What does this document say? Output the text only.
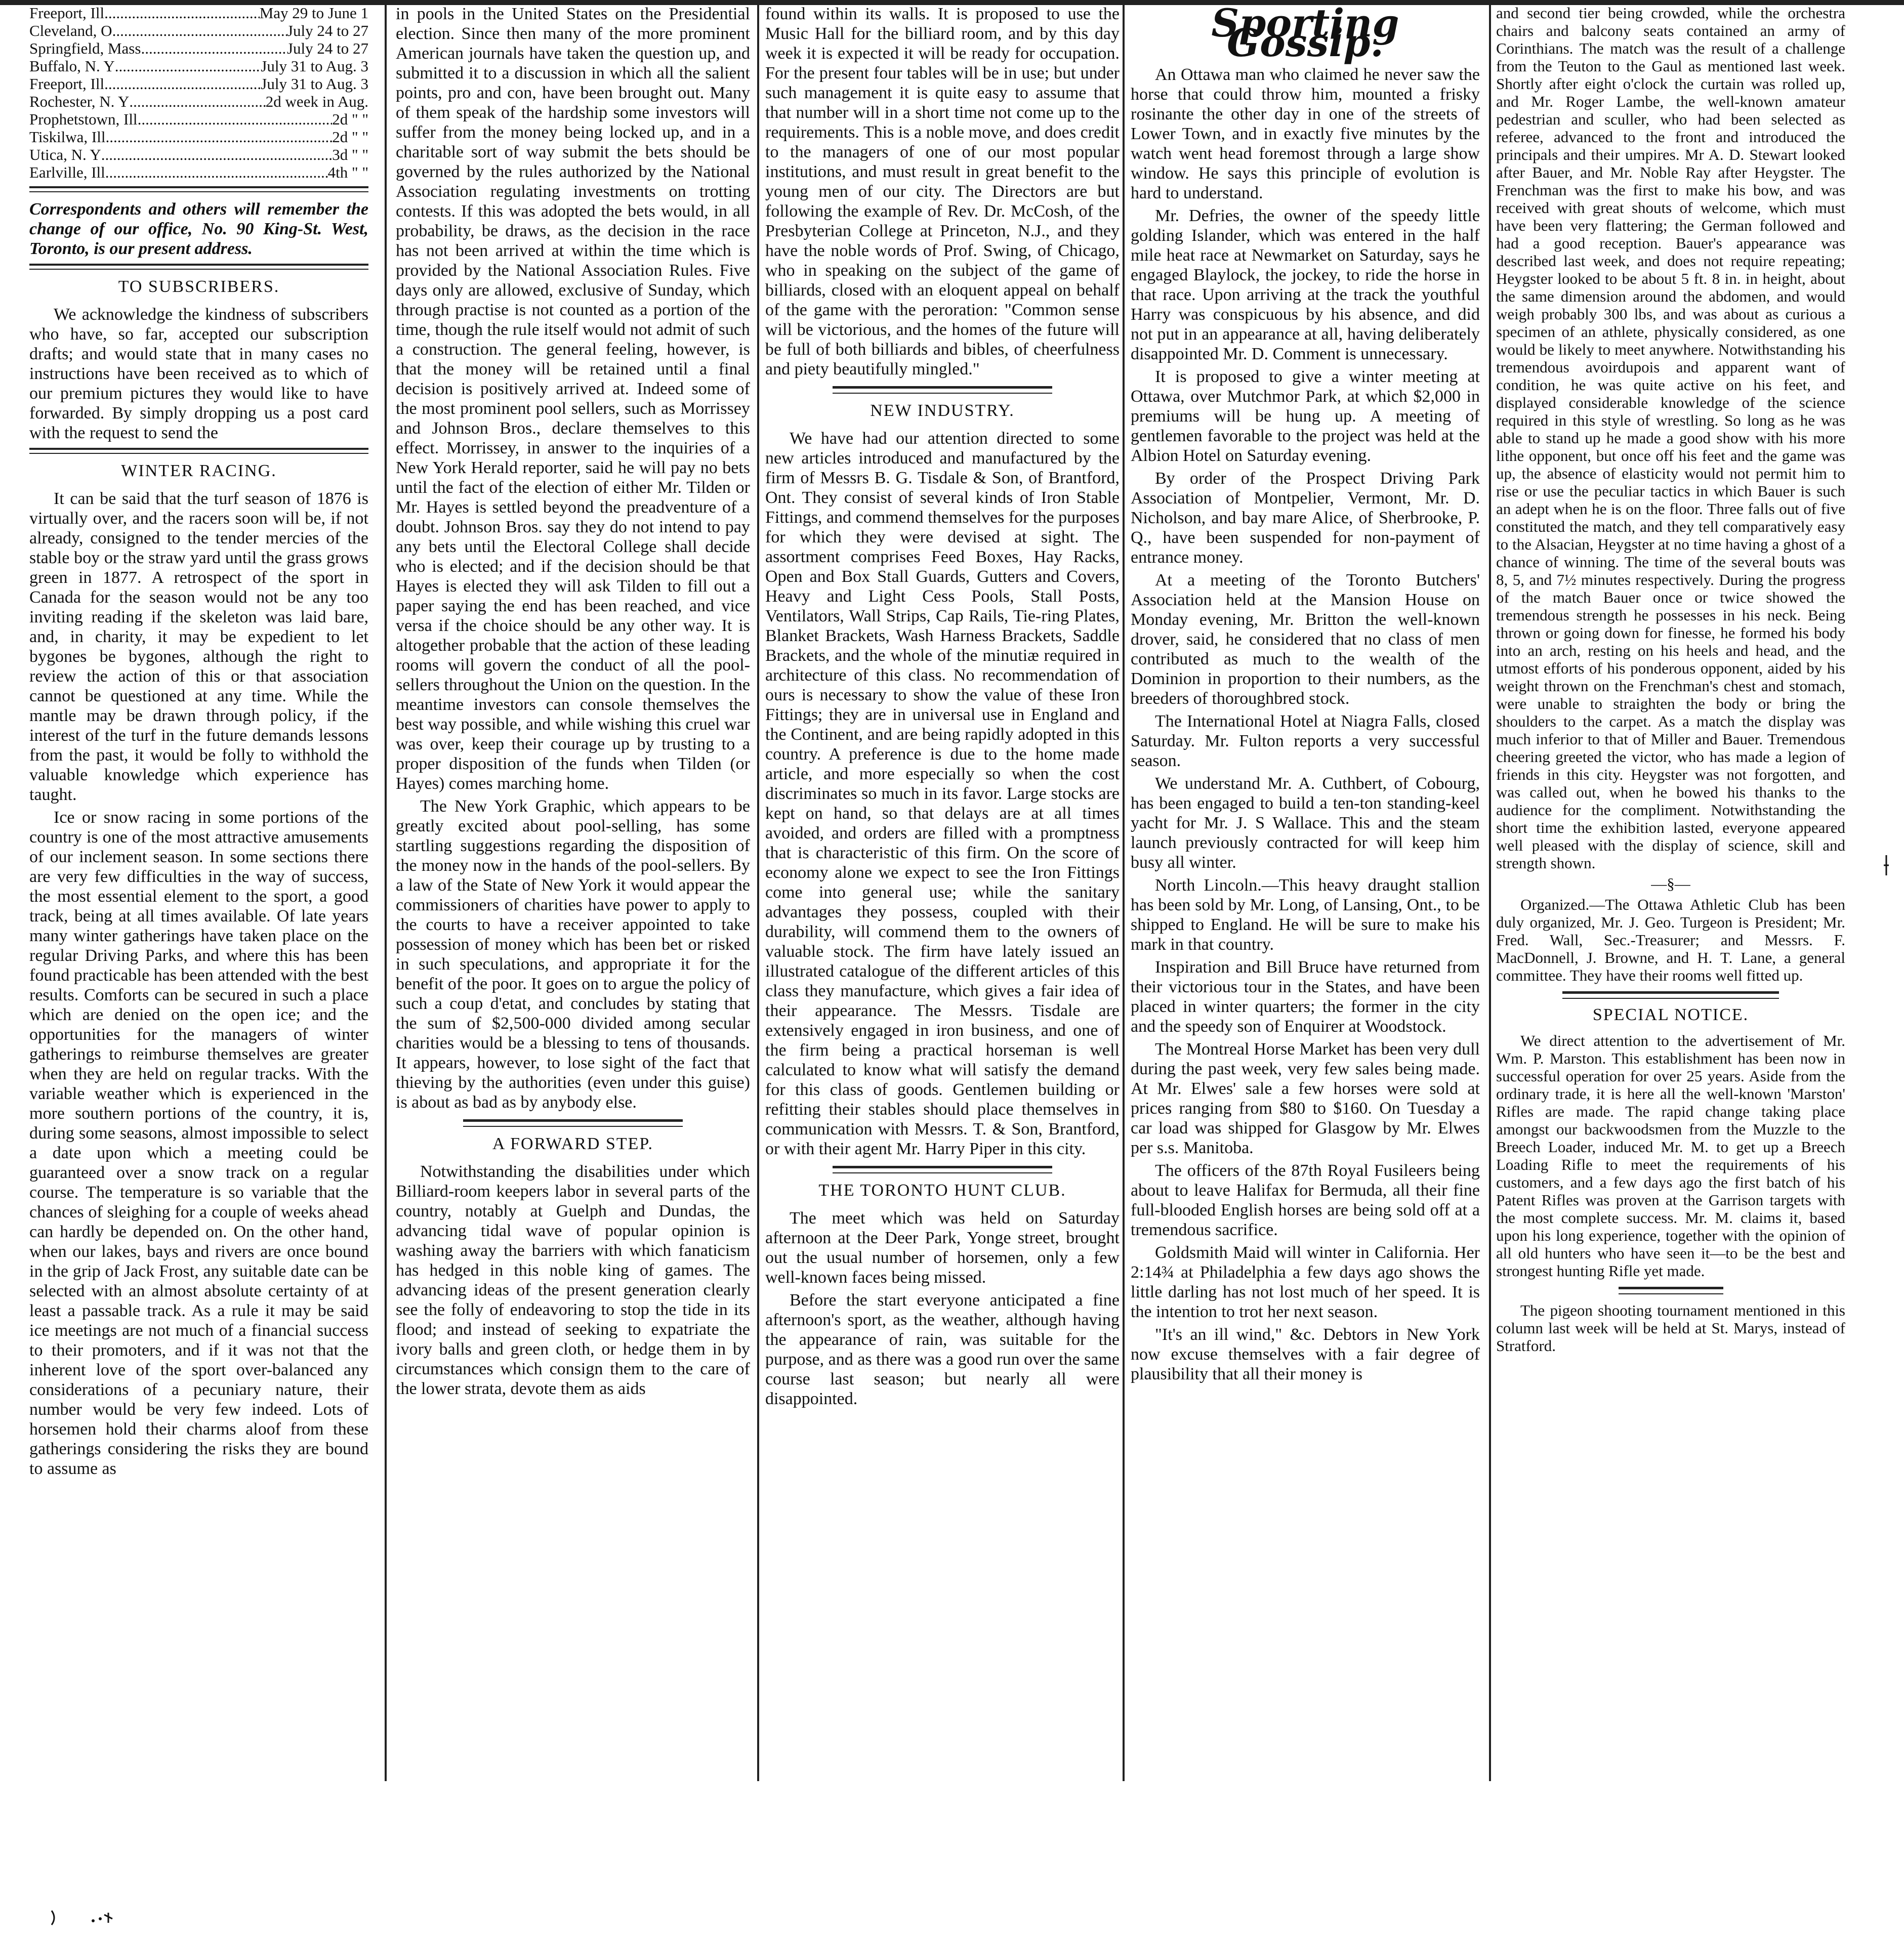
Freeport, Ill .....	May 29 to June 1
Cleveland, O .....	July 24 to 27
Springfield, Mass .....	July 24 to 27
Buffalo, N. Y .....	July 31 to Aug. 3
Freeport, Ill .....	July 31 to Aug. 3
Rochester, N. Y .....	2d week in Aug.
Prophetstown, Ill .....	2d " "
Tiskilwa, Ill .....	2d " "
Utica, N. Y .....	3d " "
Earlville, Ill .....	4th " "

Correspondents and others will remember the change of our office, No. 90 King-St. West, Toronto, is our present address.

TO SUBSCRIBERS.

We acknowledge the kindness of subscribers who have, so far, accepted our subscription drafts; and would state that in many cases no instructions have been received as to which of our premium pictures they would like to have forwarded. By simply dropping us a post card with the request to send the

WINTER RACING.

It can be said that the turf season of 1876 is virtually over, and the racers soon will be, if not already, consigned to the tender mercies of the stable boy or the straw yard until the grass grows green in 1877. A retrospect of the sport in Canada for the season would not be any too inviting reading if the skeleton was laid bare, and, in charity, it may be expedient to let bygones be bygones, although the right to review the action of this or that association cannot be questioned at any time. While the mantle may be drawn through policy, if the interest of the turf in the future demands lessons from the past, it would be folly to withhold the valuable knowledge which experience has taught.

Ice or snow racing in some portions of the country is one of the most attractive amusements of our inclement season. In some sections there are very few difficulties in the way of success, the most essential element to the sport, a good track, being at all times available. Of late years many winter gatherings have taken place on the regular Driving Parks, and where this has been found practicable has been attended with the best results. Comforts can be secured in such a place which are denied on the open ice; and the opportunities for the managers of winter gatherings to reimburse themselves are greater when they are held on regular tracks. With the variable weather which is experienced in the more southern portions of the country, it is, during some seasons, almost impossible to select a date upon which a meeting could be guaranteed over a snow track on a regular course. The temperature is so variable that the chances of sleighing for a couple of weeks ahead can hardly be depended on. On the other hand, when our lakes, bays and rivers are once bound in the grip of Jack Frost, any suitable date can be selected with an almost absolute certainty of at least a passable track. As a rule it may be said ice meetings are not much of a financial success to their promoters, and if it was not that the inherent love of the sport over-balanced any considerations of a pecuniary nature, their number would be very few indeed. Lots of horsemen hold their charms aloof from these gatherings considering the risks they are bound to assume as

in pools in the United States on the Presidential election. Since then many of the more prominent American journals have taken the question up, and submitted it to a discussion in which all the salient points, pro and con, have been brought out. Many of them speak of the hardship some investors will suffer from the money being locked up, and in a charitable sort of way submit the bets should be governed by the rules authorized by the National Association regulating investments on trotting contests. If this was adopted the bets would, in all probability, be draws, as the decision in the race has not been arrived at within the time which is provided by the National Association Rules. Five days only are allowed, exclusive of Sunday, which through practise is not counted as a portion of the time, though the rule itself would not admit of such a construction. The general feeling, however, is that the money will be retained until a final decision is positively arrived at. Indeed some of the most prominent pool sellers, such as Morrissey and Johnson Bros., declare themselves to this effect. Morrissey, in answer to the inquiries of a New York Herald reporter, said he will pay no bets until the fact of the election of either Mr. Tilden or Mr. Hayes is settled beyond the preadventure of a doubt. Johnson Bros. say they do not intend to pay any bets until the Electoral College shall decide who is elected; and if the decision should be that Hayes is elected they will ask Tilden to fill out a paper saying the end has been reached, and vice versa if the choice should be any other way. It is altogether probable that the action of these leading rooms will govern the conduct of all the pool-sellers throughout the Union on the question. In the meantime investors can console themselves the best way possible, and while wishing this cruel war was over, keep their courage up by trusting to a proper disposition of the funds when Tilden (or Hayes) comes marching home.

The New York Graphic, which appears to be greatly excited about pool-selling, has some startling suggestions regarding the disposition of the money now in the hands of the pool-sellers. By a law of the State of New York it would appear the commissioners of charities have power to apply to the courts to have a receiver appointed to take possession of money which has been bet or risked in such speculations, and appropriate it for the benefit of the poor. It goes on to argue the policy of such a coup d'etat, and concludes by stating that the sum of $2,500-000 divided among secular charities would be a blessing to tens of thousands. It appears, however, to lose sight of the fact that thieving by the authorities (even under this guise) is about as bad as by anybody else.

A FORWARD STEP.

Notwithstanding the disabilities under which Billiard-room keepers labor in several parts of the country, notably at Guelph and Dundas, the advancing tidal wave of popular opinion is washing away the barriers with which fanaticism has hedged in this noble king of games. The advancing ideas of the present generation clearly see the folly of endeavoring to stop the tide in its flood; and instead of seeking to expatriate the ivory balls and green cloth, or hedge them in by circumstances which consign them to the care of the lower strata, devote them as aids

found within its walls. It is proposed to use the Music Hall for the billiard room, and by this day week it is expected it will be ready for occupation. For the present four tables will be in use; but under such management it is quite easy to assume that that number will in a short time not come up to the requirements. This is a noble move, and does credit to the managers of one of our most popular institutions, and must result in great benefit to the young men of our city. The Directors are but following the example of Rev. Dr. McCosh, of the Presbyterian College at Princeton, N.J., and they have the noble words of Prof. Swing, of Chicago, who in speaking on the subject of the game of billiards, closed with an eloquent appeal on behalf of the game with the peroration: "Common sense will be victorious, and the homes of the future will be full of both billiards and bibles, of cheerfulness and piety beautifully mingled."

NEW INDUSTRY.

We have had our attention directed to some new articles introduced and manufactured by the firm of Messrs B. G. Tisdale & Son, of Brantford, Ont. They consist of several kinds of Iron Stable Fittings, and commend themselves for the purposes for which they were devised at sight. The assortment comprises Feed Boxes, Hay Racks, Open and Box Stall Guards, Gutters and Covers, Heavy and Light Cess Pools, Stall Posts, Ventilators, Wall Strips, Cap Rails, Tie-ring Plates, Blanket Brackets, Wash Harness Brackets, Saddle Brackets, and the whole of the minutiæ required in architecture of this class. No recommendation of ours is necessary to show the value of these Iron Fittings; they are in universal use in England and the Continent, and are being rapidly adopted in this country. A preference is due to the home made article, and more especially so when the cost discriminates so much in its favor. Large stocks are kept on hand, so that delays are at all times avoided, and orders are filled with a promptness that is characteristic of this firm. On the score of economy alone we expect to see the Iron Fittings come into general use; while the sanitary advantages they possess, coupled with their durability, will commend them to the owners of valuable stock. The firm have lately issued an illustrated catalogue of the different articles of this class they manufacture, which gives a fair idea of their appearance. The Messrs. Tisdale are extensively engaged in iron business, and one of the firm being a practical horseman is well calculated to know what will satisfy the demand for this class of goods. Gentlemen building or refitting their stables should place themselves in communication with Messrs. T. & Son, Brantford, or with their agent Mr. Harry Piper in this city.

THE TORONTO HUNT CLUB.

The meet which was held on Saturday afternoon at the Deer Park, Yonge street, brought out the usual number of horsemen, only a few well-known faces being missed.

Before the start everyone anticipated a fine afternoon's sport, as the weather, although having the appearance of rain, was suitable for the purpose, and as there was a good run over the same course last season; but nearly all were disappointed.

Sporting Gossip.

An Ottawa man who claimed he never saw the horse that could throw him, mounted a frisky rosinante the other day in one of the streets of Lower Town, and in exactly five minutes by the watch went head foremost through a large show window. He says this principle of evolution is hard to understand.

Mr. Defries, the owner of the speedy little golding Islander, which was entered in the half mile heat race at Newmarket on Saturday, says he engaged Blaylock, the jockey, to ride the horse in that race. Upon arriving at the track the youthful Harry was conspicuous by his absence, and did not put in an appearance at all, having deliberately disappointed Mr. D. Comment is unnecessary.

It is proposed to give a winter meeting at Ottawa, over Mutchmor Park, at which $2,000 in premiums will be hung up. A meeting of gentlemen favorable to the project was held at the Albion Hotel on Saturday evening.

By order of the Prospect Driving Park Association of Montpelier, Vermont, Mr. D. Nicholson, and bay mare Alice, of Sherbrooke, P. Q., have been suspended for non-payment of entrance money.

At a meeting of the Toronto Butchers' Association held at the Mansion House on Monday evening, Mr. Britton the well-known drover, said, he considered that no class of men contributed as much to the wealth of the Dominion in proportion to their numbers, as the breeders of thoroughbred stock.

The International Hotel at Niagra Falls, closed Saturday. Mr. Fulton reports a very successful season.

We understand Mr. A. Cuthbert, of Cobourg, has been engaged to build a ten-ton standing-keel yacht for Mr. J. S Wallace. This and the steam launch previously contracted for will keep him busy all winter.

North Lincoln.—This heavy draught stallion has been sold by Mr. Long, of Lansing, Ont., to be shipped to England. He will be sure to make his mark in that country.

Inspiration and Bill Bruce have returned from their victorious tour in the States, and have been placed in winter quarters; the former in the city and the speedy son of Enquirer at Woodstock.

The Montreal Horse Market has been very dull during the past week, very few sales being made. At Mr. Elwes' sale a few horses were sold at prices ranging from $80 to $160. On Tuesday a car load was shipped for Glasgow by Mr. Elwes per s.s. Manitoba.

The officers of the 87th Royal Fusileers being about to leave Halifax for Bermuda, all their fine full-blooded English horses are being sold off at a tremendous sacrifice.

Goldsmith Maid will winter in California. Her 2:14¾ at Philadelphia a few days ago shows the little darling has not lost much of her speed. It is the intention to trot her next season.

"It's an ill wind," &c. Debtors in New York now excuse themselves with a fair degree of plausibility that all their money is

and second tier being crowded, while the orchestra chairs and balcony seats contained an army of Corinthians. The match was the result of a challenge from the Teuton to the Gaul as mentioned last week. Shortly after eight o'clock the curtain was rolled up, and Mr. Roger Lambe, the well-known amateur pedestrian and sculler, who had been selected as referee, advanced to the front and introduced the principals and their umpires. Mr A. D. Stewart looked after Bauer, and Mr. Noble Ray after Heygster. The Frenchman was the first to make his bow, and was received with great shouts of welcome, which must have been very flattering; the German followed and had a good reception. Bauer's appearance was described last week, and does not require repeating; Heygster looked to be about 5 ft. 8 in. in height, about the same dimension around the abdomen, and would weigh probably 300 lbs, and was about as curious a specimen of an athlete, physically considered, as one would be likely to meet anywhere. Notwithstanding his tremendous avoirdupois and apparent want of condition, he was quite active on his feet, and displayed considerable knowledge of the science required in this style of wrestling. So long as he was able to stand up he made a good show with his more lithe opponent, but once off his feet and the game was up, the absence of elasticity would not permit him to rise or use the peculiar tactics in which Bauer is such an adept when he is on the floor. Three falls out of five constituted the match, and they tell comparatively easy to the Alsacian, Heygster at no time having a ghost of a chance of winning. The time of the several bouts was 8, 5, and 7½ minutes respectively. During the progress of the match Bauer once or twice showed the tremendous strength he possesses in his neck. Being thrown or going down for finesse, he formed his body into an arch, resting on his heels and head, and the utmost efforts of his ponderous opponent, aided by his weight thrown on the Frenchman's chest and stomach, were unable to straighten the body or bring the shoulders to the carpet. As a match the display was much inferior to that of Miller and Bauer. Tremendous cheering greeted the victor, who has made a legion of friends in this city. Heygster was not forgotten, and was called out, when he bowed his thanks to the audience for the compliment. Notwithstanding the short time the exhibition lasted, everyone appeared well pleased with the display of science, skill and strength shown.

—§—

Organized.—The Ottawa Athletic Club has been duly organized, Mr. J. Geo. Turgeon is President; Mr. Fred. Wall, Sec.-Treasurer; and Messrs. F. MacDonnell, J. Browne, and H. T. Lane, a general committee. They have their rooms well fitted up.

SPECIAL NOTICE.

We direct attention to the advertisement of Mr. Wm. P. Marston. This establishment has been now in successful operation for over 25 years. Aside from the ordinary trade, it is here all the well-known 'Marston' Rifles are made. The rapid change taking place amongst our backwoodsmen from the Muzzle to the Breech Loader, induced Mr. M. to get up a Breech Loading Rifle to meet the requirements of his customers, and a few days ago the first batch of his Patent Rifles was proven at the Garrison targets with the most complete success. Mr. M. claims it, based upon his long experience, together with the opinion of all old hunters who have seen it—to be the best and strongest hunting Rifle yet made.

The pigeon shooting tournament mentioned in this column last week will be held at St. Marys, instead of Stratford.
